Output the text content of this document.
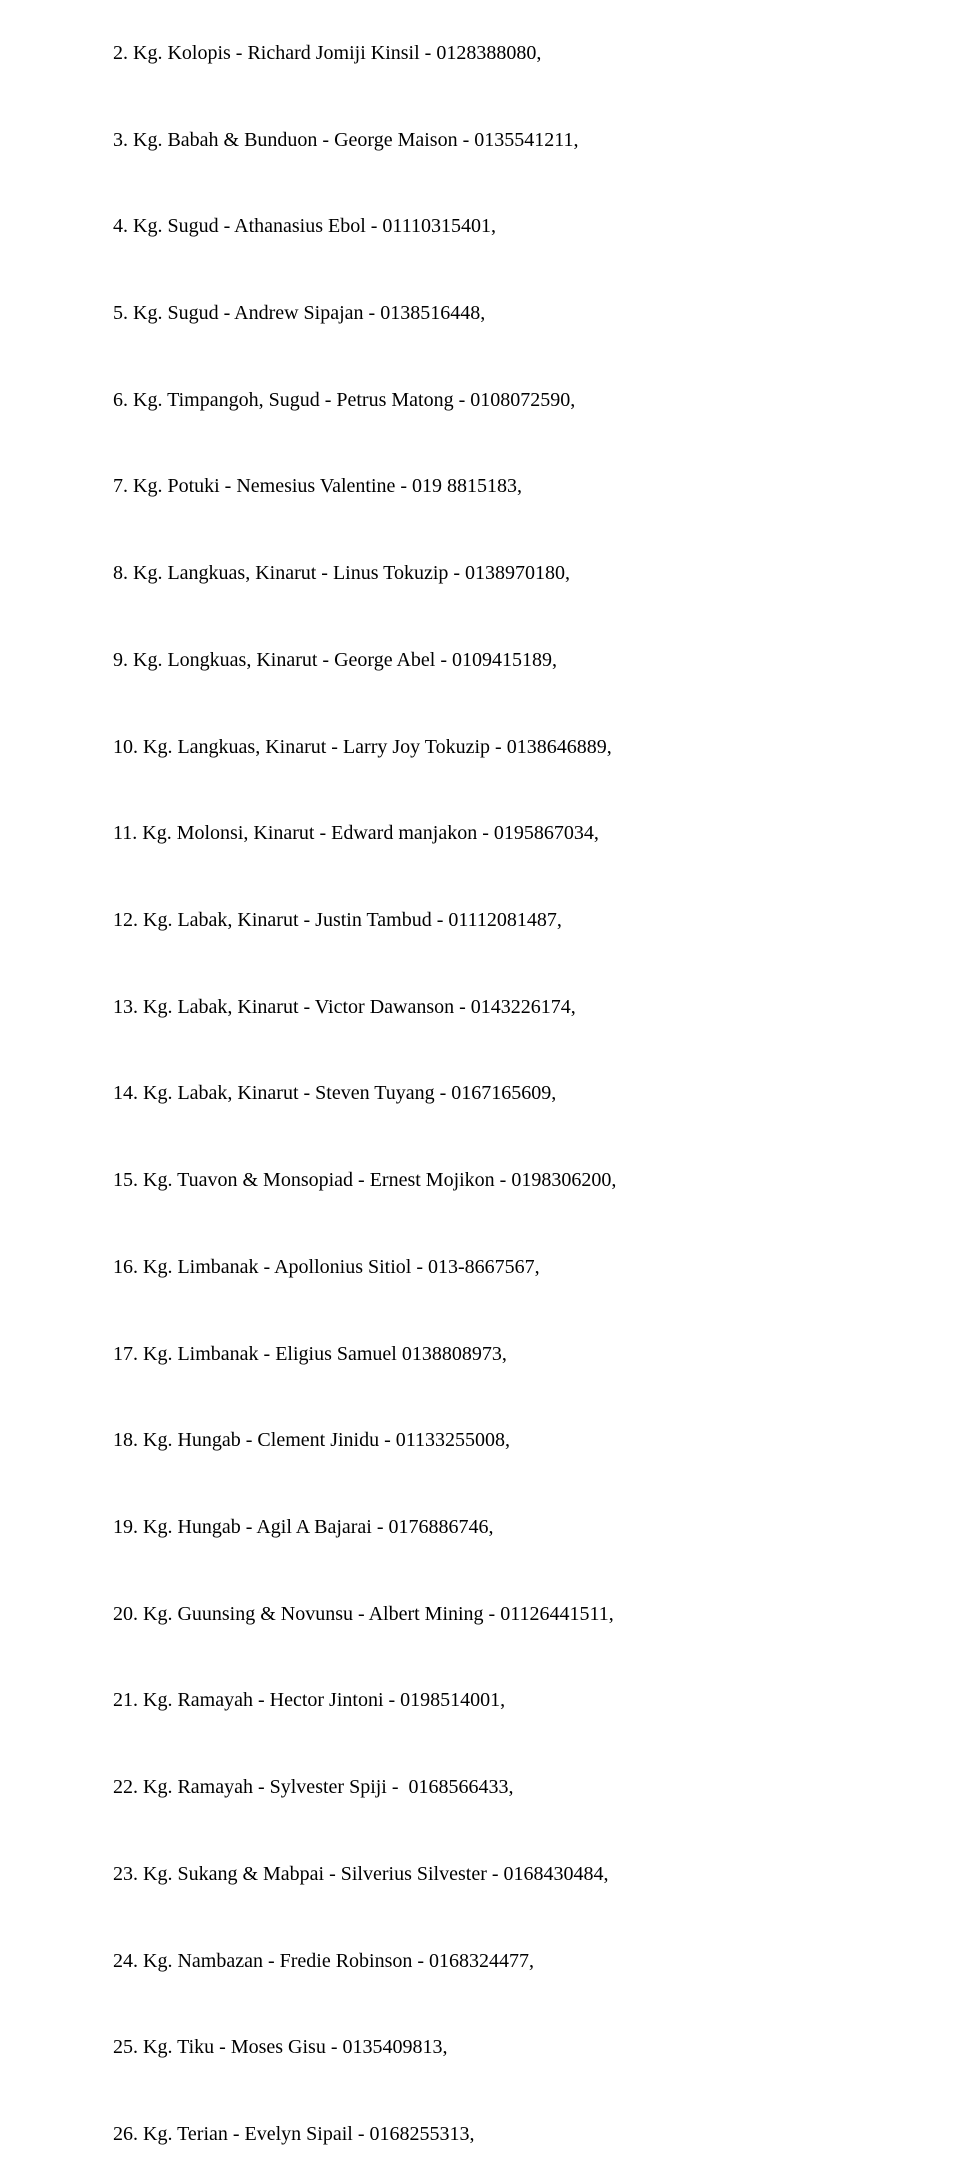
2. Kg. Kolopis - Richard Jomiji Kinsil - 0128388080,

3. Kg. Babah & Bunduon - George Maison - 0135541211,

4. Kg. Sugud - Athanasius Ebol - 01110315401,

5. Kg. Sugud - Andrew Sipajan - 0138516448,

6. Kg. Timpangoh, Sugud - Petrus Matong - 0108072590,

7. Kg. Potuki - Nemesius Valentine - 019 8815183,

8. Kg. Langkuas, Kinarut - Linus Tokuzip - 0138970180,

9. Kg. Longkuas, Kinarut - George Abel - 0109415189,

10. Kg. Langkuas, Kinarut - Larry Joy Tokuzip - 0138646889,

11. Kg. Molonsi, Kinarut - Edward manjakon - 0195867034,

12. Kg. Labak, Kinarut - Justin Tambud - 01112081487,

13. Kg. Labak, Kinarut - Victor Dawanson - 0143226174,

14. Kg. Labak, Kinarut - Steven Tuyang - 0167165609,

15. Kg. Tuavon & Monsopiad - Ernest Mojikon - 0198306200,

16. Kg. Limbanak - Apollonius Sitiol - 013-8667567,

17. Kg. Limbanak - Eligius Samuel 0138808973,

18. Kg. Hungab - Clement Jinidu - 01133255008,

19. Kg. Hungab - Agil A Bajarai - 0176886746,

20. Kg. Guunsing & Novunsu - Albert Mining - 01126441511,

21. Kg. Ramayah - Hector Jintoni - 0198514001,

22. Kg. Ramayah - Sylvester Spiji -  0168566433,

23. Kg. Sukang & Mabpai - Silverius Silvester - 0168430484,

24. Kg. Nambazan - Fredie Robinson - 0168324477,

25. Kg. Tiku - Moses Gisu - 0135409813,

26. Kg. Terian - Evelyn Sipail - 0168255313,
